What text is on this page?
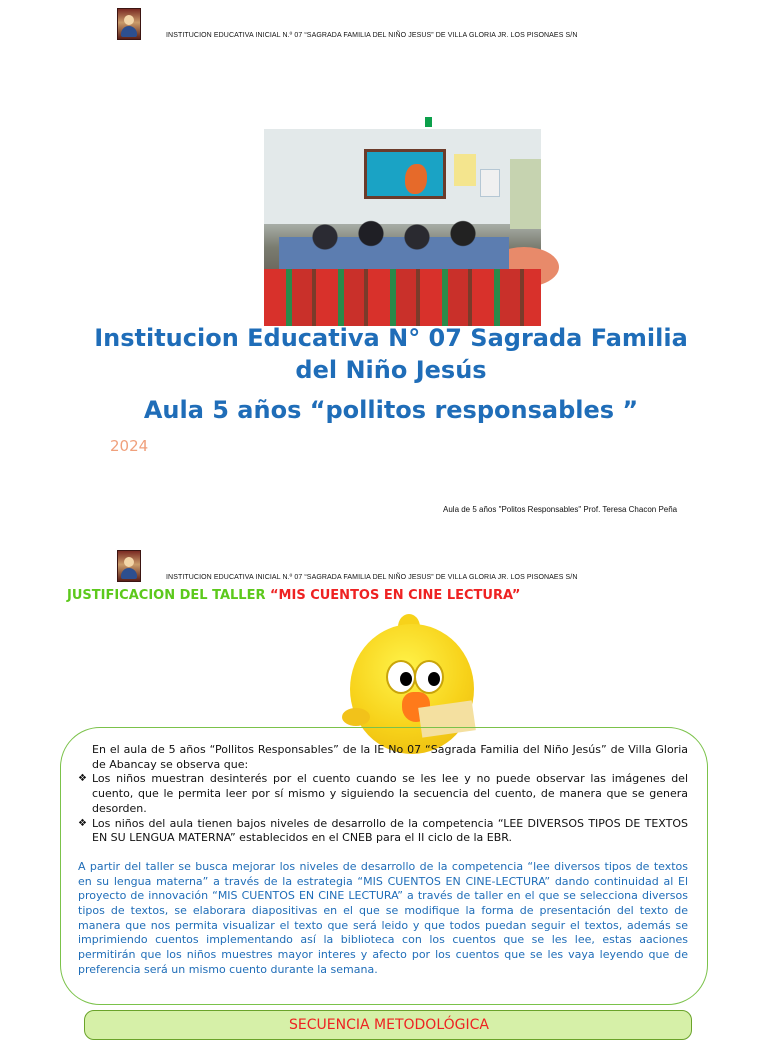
INSTITUCION EDUCATIVA INICIAL N.º 07 “SAGRADA FAMILIA DEL NIÑO JESUS” DE VILLA GLORIA JR. LOS PISONAES S/N
Institucion Educativa N° 07 Sagrada Familia
del Niño Jesús
Aula 5 años “pollitos responsables ”
2024
Aula de 5 años "Politos Responsables" Prof. Teresa Chacon Peña
INSTITUCION EDUCATIVA INICIAL N.º 07 “SAGRADA FAMILIA DEL NIÑO JESUS” DE VILLA GLORIA JR. LOS PISONAES S/N
JUSTIFICACION DEL TALLER “MIS CUENTOS EN CINE LECTURA”

En el aula de 5 años “Pollitos Responsables” de la IE No 07 “Sagrada Familia del Niño Jesús” de Villa Gloria de Abancay se observa que:

❖ Los niños muestran desinterés por el cuento cuando se les lee y no puede observar las imágenes del cuento, que le permita leer por sí mismo y siguiendo la secuencia del cuento, de manera que se genera desorden.
❖ Los niños del aula tienen bajos niveles de desarrollo de la competencia “LEE DIVERSOS TIPOS DE TEXTOS EN SU LENGUA MATERNA” establecidos en el CNEB para el II ciclo de la EBR.

A partir del taller se busca mejorar los niveles de desarrollo de la competencia “lee diversos tipos de textos en su lengua materna” a través de la estrategia “MIS CUENTOS EN CINE-LECTURA” dando continuidad al El proyecto de innovación “MIS CUENTOS EN CINE LECTURA” a través de taller en el que se selecciona diversos tipos de textos, se elaborara diapositivas en el que se modifique la forma de presentación del texto de manera que nos permita visualizar el texto que será leido y que todos puedan seguir el textos, además se imprimiendo cuentos implementando así la biblioteca con los cuentos que se les lee, estas aaciones permitirán que los niños muestres mayor interes y afecto por los cuentos que se les vaya leyendo que de preferencia será un mismo cuento durante la semana.

SECUENCIA METODOLÓGICA
